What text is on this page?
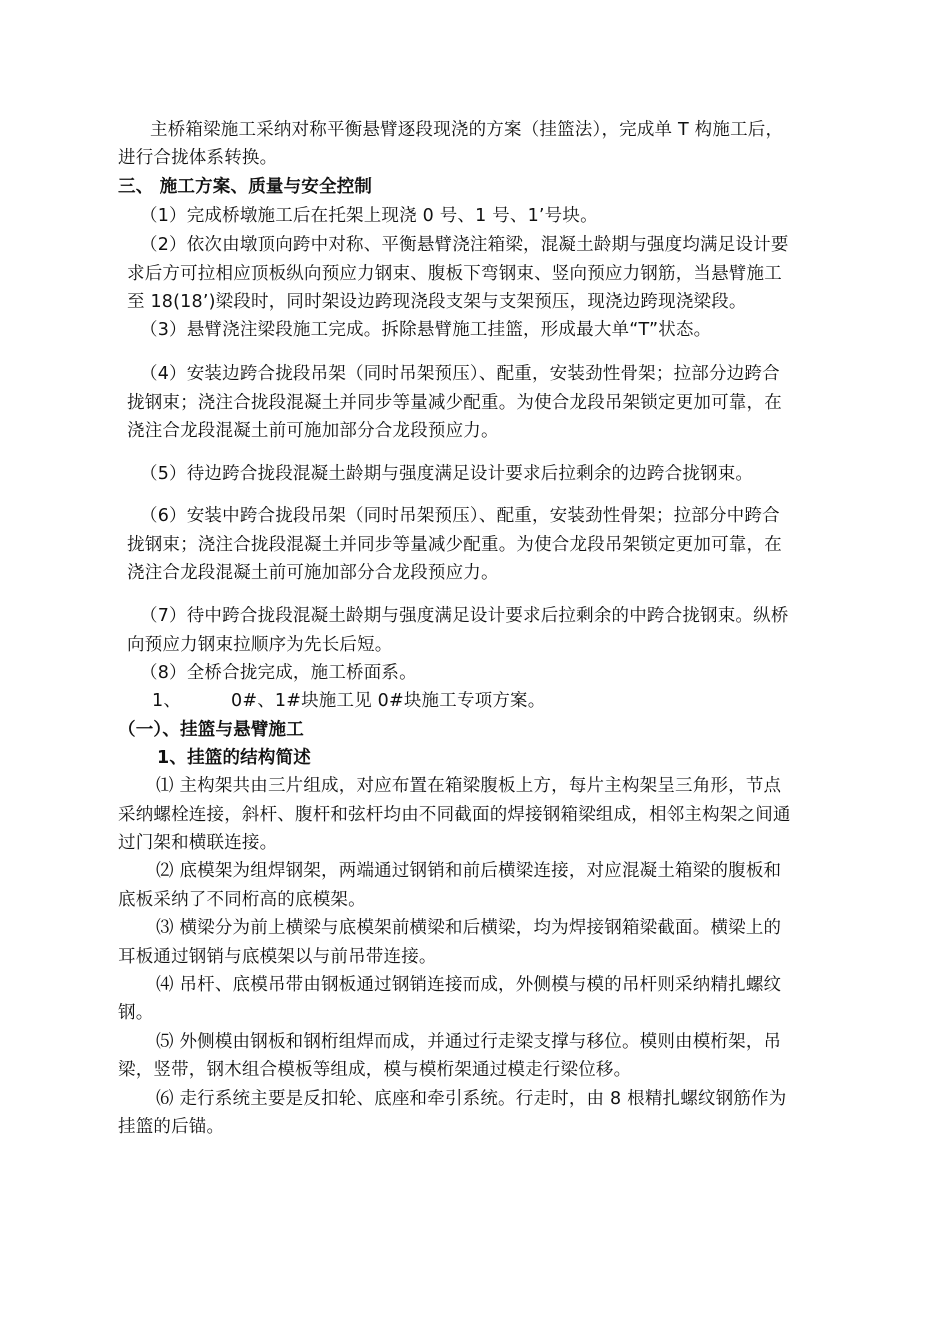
主桥箱梁施工采纳对称平衡悬臂逐段现浇的方案（挂篮法），完成单 T 构施工后，
进行合拢体系转换。
三、 施工方案、质量与安全控制
（1）完成桥墩施工后在托架上现浇 0 号、1 号、1’号块。
（2）依次由墩顶向跨中对称、平衡悬臂浇注箱梁，混凝土龄期与强度均满足设计要
求后方可拉相应顶板纵向预应力钢束、腹板下弯钢束、竖向预应力钢筋，当悬臂施工
至 18(18’)梁段时，同时架设边跨现浇段支架与支架预压，现浇边跨现浇梁段。
（3）悬臂浇注梁段施工完成。拆除悬臂施工挂篮，形成最大单“T”状态。
（4）安装边跨合拢段吊架（同时吊架预压）、配重，安装劲性骨架；拉部分边跨合
拢钢束；浇注合拢段混凝土并同步等量减少配重。为使合龙段吊架锁定更加可靠，在
浇注合龙段混凝土前可施加部分合龙段预应力。
（5）待边跨合拢段混凝土龄期与强度满足设计要求后拉剩余的边跨合拢钢束。
（6）安装中跨合拢段吊架（同时吊架预压）、配重，安装劲性骨架；拉部分中跨合
拢钢束；浇注合拢段混凝土并同步等量减少配重。为使合龙段吊架锁定更加可靠，在
浇注合龙段混凝土前可施加部分合龙段预应力。
（7）待中跨合拢段混凝土龄期与强度满足设计要求后拉剩余的中跨合拢钢束。纵桥
向预应力钢束拉顺序为先长后短。
（8）全桥合拢完成，施工桥面系。
1、	0#、1#块施工见 0#块施工专项方案。
（一）、挂篮与悬臂施工
1、挂篮的结构简述
⑴ 主构架共由三片组成，对应布置在箱梁腹板上方，每片主构架呈三角形，节点
采纳螺栓连接，斜杆、腹杆和弦杆均由不同截面的焊接钢箱梁组成，相邻主构架之间通
过门架和横联连接。
⑵ 底模架为组焊钢架，两端通过钢销和前后横梁连接，对应混凝土箱梁的腹板和
底板采纳了不同桁高的底模架。
⑶ 横梁分为前上横梁与底模架前横梁和后横梁，均为焊接钢箱梁截面。横梁上的
耳板通过钢销与底模架以与前吊带连接。
⑷ 吊杆、底模吊带由钢板通过钢销连接而成，外侧模与模的吊杆则采纳精扎螺纹
钢。
⑸ 外侧模由钢板和钢桁组焊而成，并通过行走梁支撑与移位。模则由模桁架，吊
梁，竖带，钢木组合模板等组成，模与模桁架通过模走行梁位移。
⑹ 走行系统主要是反扣轮、底座和牵引系统。行走时，由 8 根精扎螺纹钢筋作为
挂篮的后锚。
